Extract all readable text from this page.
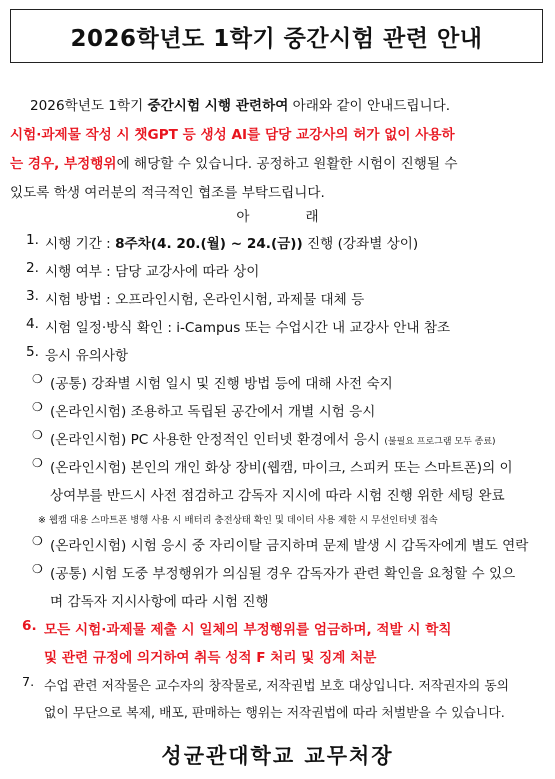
2026학년도 1학기 중간시험 관련 안내
2026학년도 1학기 중간시험 시행 관련하여 아래와 같이 안내드립니다.
시험·과제물 작성 시 챗GPT 등 생성 AI를 담당 교강사의 허가 없이 사용하
는 경우, 부정행위에 해당할 수 있습니다. 공정하고 원활한 시험이 진행될 수
있도록 학생 여러분의 적극적인 협조를 부탁드립니다.
아래
1. 시행 기간 : 8주차(4. 20.(월) ~ 24.(금)) 진행 (강좌별 상이)
2. 시행 여부 : 담당 교강사에 따라 상이
3. 시험 방법 : 오프라인시험, 온라인시험, 과제물 대체 등
4. 시험 일정·방식 확인 : i-Campus 또는 수업시간 내 교강사 안내 참조
5. 응시 유의사항
❍ (공통) 강좌별 시험 일시 및 진행 방법 등에 대해 사전 숙지
❍ (온라인시험) 조용하고 독립된 공간에서 개별 시험 응시
❍ (온라인시험) PC 사용한 안정적인 인터넷 환경에서 응시 (불필요 프로그램 모두 종료)
❍ (온라인시험) 본인의 개인 화상 장비(웹캠, 마이크, 스피커 또는 스마트폰)의 이
상여부를 반드시 사전 점검하고 감독자 지시에 따라 시험 진행 위한 세팅 완료
※ 웹캠 대용 스마트폰 병행 사용 시 배터리 충전상태 확인 및 데이터 사용 제한 시 무선인터넷 접속
❍ (온라인시험) 시험 응시 중 자리이탈 금지하며 문제 발생 시 감독자에게 별도 연락
❍ (공통) 시험 도중 부정행위가 의심될 경우 감독자가 관련 확인을 요청할 수 있으
며 감독자 지시사항에 따라 시험 진행
6. 모든 시험·과제물 제출 시 일체의 부정행위를 엄금하며, 적발 시 학칙
및 관련 규정에 의거하여 취득 성적 F 처리 및 징계 처분
7. 수업 관련 저작물은 교수자의 창작물로, 저작권법 보호 대상입니다. 저작권자의 동의
없이 무단으로 복제, 배포, 판매하는 행위는 저작권법에 따라 처벌받을 수 있습니다.
성균관대학교 교무처장
